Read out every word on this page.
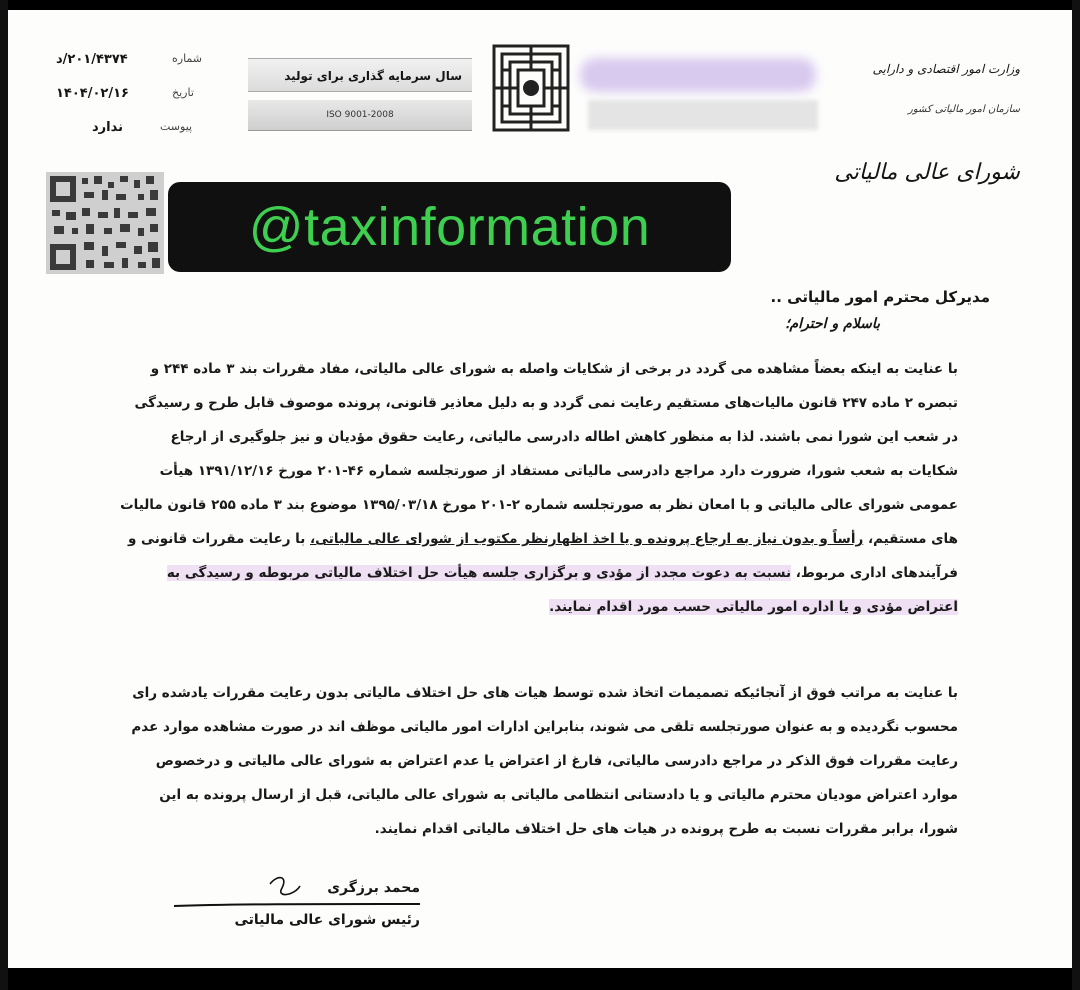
۲۰۱/۴۳۷۴/د	شماره
۱۴۰۴/۰۲/۱۶	تاریخ
ندارد	پیوست
سال سرمایه گذاری برای تولید
ISO 9001-2008
وزارت امور اقتصادی و دارایی
سازمان امور مالیاتی کشور
شورای عالی مالیاتی
@taxinformation
مدیرکل محترم امور مالیاتی ..
باسلام و احترام؛
با عنایت به اینکه بعضاً مشاهده می گردد در برخی از شکایات واصله به شورای عالی مالیاتی، مفاد مقررات بند ۳ ماده ۲۴۴ و تبصره ۲ ماده ۲۴۷ قانون مالیات‌های مستقیم رعایت نمی گردد و به دلیل معاذیر قانونی، پرونده موصوف قابل طرح و رسیدگی در شعب این شورا نمی باشند. لذا به منظور کاهش اطاله دادرسی مالیاتی، رعایت حقوق مؤدیان و نیز جلوگیری از ارجاع شکایات به شعب شورا، ضرورت دارد مراجع دادرسی مالیاتی مستفاد از صورتجلسه شماره ۴۶-۲۰۱ مورخ ۱۳۹۱/۱۲/۱۶ هیأت عمومی شورای عالی مالیاتی و با امعان نظر به صورتجلسه شماره ۲-۲۰۱ مورخ ۱۳۹۵/۰۳/۱۸ موضوع بند ۳ ماده ۲۵۵ قانون مالیات های مستقیم، رأساً و بدون نیاز به ارجاع پرونده و یا اخذ اظهارنظر مکتوب از شورای عالی مالیاتی، با رعایت مقررات قانونی و فرآیندهای اداری مربوط، نسبت به دعوت مجدد از مؤدی و برگزاری جلسه هیأت حل اختلاف مالیاتی مربوطه و رسیدگی به اعتراض مؤدی و یا اداره امور مالیاتی حسب مورد اقدام نمایند.
با عنایت به مراتب فوق از آنجائیکه تصمیمات اتخاذ شده توسط هیات های حل اختلاف مالیاتی بدون رعایت مقررات یادشده رای محسوب نگردیده و به عنوان صورتجلسه تلقی می شوند، بنابراین ادارات امور مالیاتی موظف اند در صورت مشاهده موارد عدم رعایت مقررات فوق الذکر در مراجع دادرسی مالیاتی، فارغ از اعتراض یا عدم اعتراض به شورای عالی مالیاتی و درخصوص موارد اعتراض مودیان محترم مالیاتی و یا دادستانی انتظامی مالیاتی به شورای عالی مالیاتی، قبل از ارسال پرونده به این شورا، برابر مقررات نسبت به طرح پرونده در هیات های حل اختلاف مالیاتی اقدام نمایند.
محمد برزگری
رئیس شورای عالی مالیاتی
